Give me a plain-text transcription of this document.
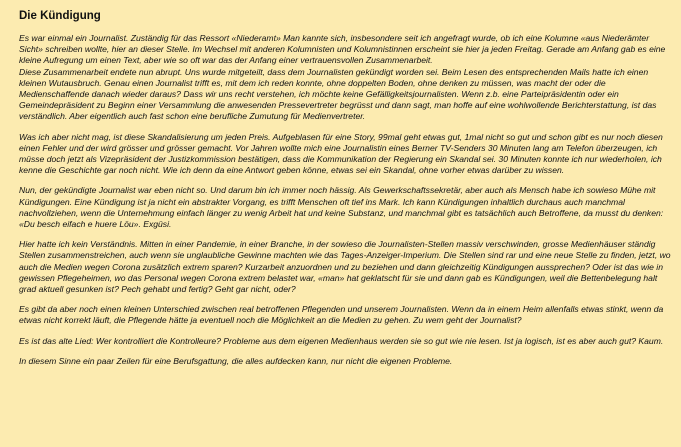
Die Kündigung

Es war einmal ein Journalist. Zuständig für das Ressort «Niederamt» Man kannte sich, insbesondere seit ich angefragt wurde, ob ich eine Kolumne «aus Niederämter Sicht» schreiben wollte, hier an dieser Stelle. Im Wechsel mit anderen Kolumnisten und Kolumnistinnen erscheint sie hier ja jeden Freitag. Gerade am Anfang gab es eine kleine Aufregung um einen Text, aber wie so oft war das der Anfang einer vertrauensvollen Zusammenarbeit.

Diese Zusammenarbeit endete nun abrupt. Uns wurde mitgeteilt, dass dem Journalisten gekündigt worden sei. Beim Lesen des entsprechenden Mails hatte ich einen kleinen Wutausbruch. Genau einen Journalist trifft es, mit dem ich reden konnte, ohne doppelten Boden, ohne denken zu müssen, was macht der oder die Medienschaffende danach wieder daraus? Dass wir uns recht verstehen, ich möchte keine Gefälligkeitsjournalisten. Wenn z.b. eine Parteipräsidentin oder ein Gemeindepräsident zu Beginn einer Versammlung die anwesenden Pressevertreter begrüsst und dann sagt, man hoffe auf eine wohlwollende Berichterstattung, ist das verständlich. Aber eigentlich auch fast schon eine berufliche Zumutung für Medienvertreter.

Was ich aber nicht mag, ist diese Skandalisierung um jeden Preis. Aufgeblasen für eine Story, 99mal geht etwas gut, 1mal nicht so gut und schon gibt es nur noch diesen einen Fehler und der wird grösser und grösser gemacht. Vor Jahren wollte mich eine Journalistin eines Berner TV-Senders 30 Minuten lang am Telefon überzeugen, ich müsse doch jetzt als Vizepräsident der Justizkommission bestätigen, dass die Kommunikation der Regierung ein Skandal sei. 30 Minuten konnte ich nur wiederholen, ich kenne die Geschichte gar noch nicht. Wie ich denn da eine Antwort geben könne, etwas sei ein Skandal, ohne vorher etwas darüber zu wissen.

Nun, der gekündigte Journalist war eben nicht so. Und darum bin ich immer noch hässig. Als Gewerkschaftssekretär, aber auch als Mensch habe ich sowieso Mühe mit Kündigungen. Eine Kündigung ist ja nicht ein abstrakter Vorgang, es trifft Menschen oft tief ins Mark. Ich kann Kündigungen inhaltlich durchaus auch manchmal nachvollziehen, wenn die Unternehmung einfach länger zu wenig Arbeit hat und keine Substanz, und manchmal gibt es tatsächlich auch Betroffene, da musst du denken: «Du besch eifach e huere Löu». Exgüsi.

Hier hatte ich kein Verständnis. Mitten in einer Pandemie, in einer Branche, in der sowieso die Journalisten-Stellen massiv verschwinden, grosse Medienhäuser ständig Stellen zusammenstreichen, auch wenn sie unglaubliche Gewinne machten wie das Tages-Anzeiger-Imperium. Die Stellen sind rar und eine neue Stelle zu finden, jetzt, wo auch die Medien wegen Corona zusätzlich extrem sparen? Kurzarbeit anzuordnen und zu beziehen und dann gleichzeitig Kündigungen aussprechen? Oder ist das wie in gewissen Pflegeheimen, wo das Personal wegen Corona extrem belastet war, «man» hat geklatscht für sie und dann gab es Kündigungen, weil die Bettenbelegung halt grad aktuell gesunken ist? Pech gehabt und fertig? Geht gar nicht, oder?

Es gibt da aber noch einen kleinen Unterschied zwischen real betroffenen Pflegenden und unserem Journalisten. Wenn da in einem Heim allenfalls etwas stinkt, wenn da etwas nicht korrekt läuft, die Pflegende hätte ja eventuell noch die Möglichkeit an die Medien zu gehen. Zu wem geht der Journalist?

Es ist das alte Lied: Wer kontrolliert die Kontrolleure? Probleme aus dem eigenen Medienhaus werden sie so gut wie nie lesen. Ist ja logisch, ist es aber auch gut? Kaum.

In diesem Sinne ein paar Zeilen für eine Berufsgattung, die alles aufdecken kann, nur nicht die eigenen Probleme.
